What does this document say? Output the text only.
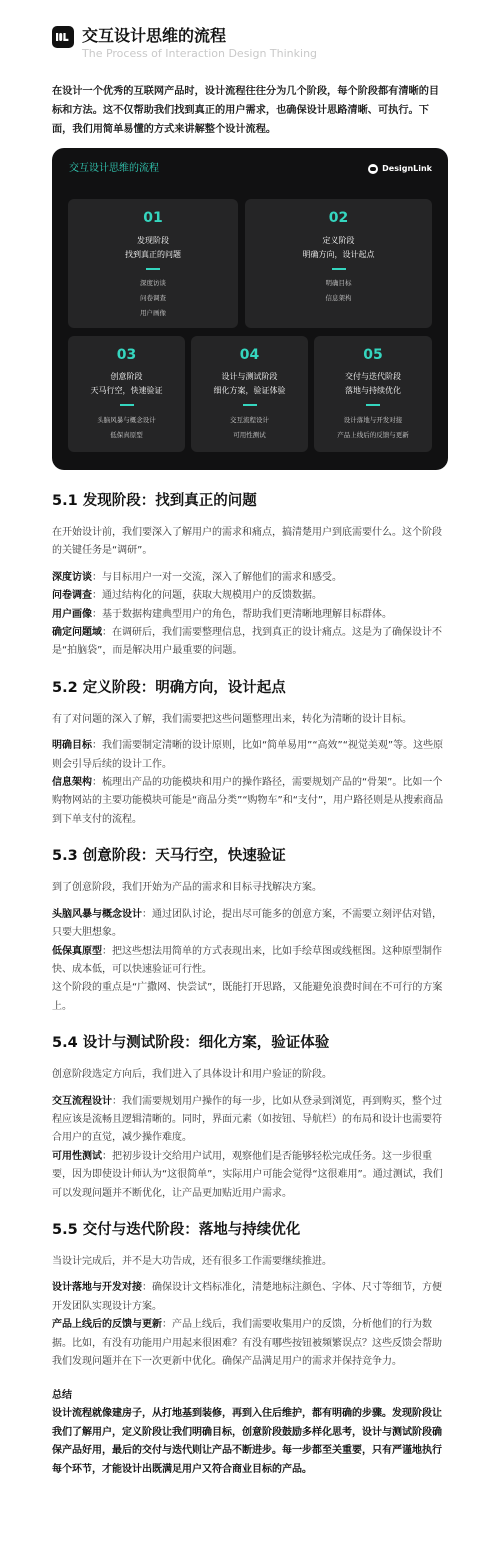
交互设计思维的流程
The Process of Interaction Design Thinking
在设计一个优秀的互联网产品时，设计流程往往分为几个阶段，每个阶段都有清晰的目标和方法。这不仅帮助我们找到真正的用户需求，也确保设计思路清晰、可执行。下面，我们用简单易懂的方式来讲解整个设计流程。
交互设计思维的流程	DesignLink
01
发现阶段
找到真正的问题
深度访谈
问卷调查
用户画像
02
定义阶段
明确方向，设计起点
明确目标
信息架构
03
创意阶段
天马行空，快速验证
头脑风暴与概念设计
低保真原型
04
设计与测试阶段
细化方案，验证体验
交互流程设计
可用性测试
05
交付与迭代阶段
落地与持续优化
设计落地与开发对接
产品上线后的反馈与更新
5.1 发现阶段：找到真正的问题

在开始设计前，我们要深入了解用户的需求和痛点，搞清楚用户到底需要什么。这个阶段的关键任务是“调研”。

深度访谈：与目标用户一对一交流，深入了解他们的需求和感受。

问卷调查：通过结构化的问题，获取大规模用户的反馈数据。

用户画像：基于数据构建典型用户的角色，帮助我们更清晰地理解目标群体。

确定问题域：在调研后，我们需要整理信息，找到真正的设计痛点。这是为了确保设计不是“拍脑袋”，而是解决用户最重要的问题。

5.2 定义阶段：明确方向，设计起点

有了对问题的深入了解，我们需要把这些问题整理出来，转化为清晰的设计目标。

明确目标：我们需要制定清晰的设计原则，比如“简单易用”“高效”“视觉美观”等。这些原则会引导后续的设计工作。

信息架构：梳理出产品的功能模块和用户的操作路径，需要规划产品的“骨架”。比如一个购物网站的主要功能模块可能是“商品分类”“购物车”和“支付”，用户路径则是从搜索商品到下单支付的流程。

5.3 创意阶段：天马行空，快速验证

到了创意阶段，我们开始为产品的需求和目标寻找解决方案。

头脑风暴与概念设计：通过团队讨论，提出尽可能多的创意方案，不需要立刻评估对错，只要大胆想象。

低保真原型：把这些想法用简单的方式表现出来，比如手绘草图或线框图。这种原型制作快、成本低，可以快速验证可行性。

这个阶段的重点是“广撒网、快尝试”，既能打开思路，又能避免浪费时间在不可行的方案上。

5.4 设计与测试阶段：细化方案，验证体验

创意阶段选定方向后，我们进入了具体设计和用户验证的阶段。

交互流程设计：我们需要规划用户操作的每一步，比如从登录到浏览，再到购买，整个过程应该是流畅且逻辑清晰的。同时，界面元素（如按钮、导航栏）的布局和设计也需要符合用户的直觉，减少操作难度。

可用性测试：把初步设计交给用户试用，观察他们是否能够轻松完成任务。这一步很重要，因为即使设计师认为“这很简单”，实际用户可能会觉得“这很难用”。通过测试，我们可以发现问题并不断优化，让产品更加贴近用户需求。

5.5 交付与迭代阶段：落地与持续优化

当设计完成后，并不是大功告成，还有很多工作需要继续推进。

设计落地与开发对接：确保设计文档标准化，清楚地标注颜色、字体、尺寸等细节，方便开发团队实现设计方案。

产品上线后的反馈与更新：产品上线后，我们需要收集用户的反馈，分析他们的行为数据。比如，有没有功能用户用起来很困难？有没有哪些按钮被频繁误点？这些反馈会帮助我们发现问题并在下一次更新中优化。确保产品满足用户的需求并保持竞争力。

总结
设计流程就像建房子，从打地基到装修，再到入住后维护，都有明确的步骤。发现阶段让我们了解用户，定义阶段让我们明确目标，创意阶段鼓励多样化思考，设计与测试阶段确保产品好用，最后的交付与迭代则让产品不断进步。每一步都至关重要，只有严谨地执行每个环节，才能设计出既满足用户又符合商业目标的产品。
